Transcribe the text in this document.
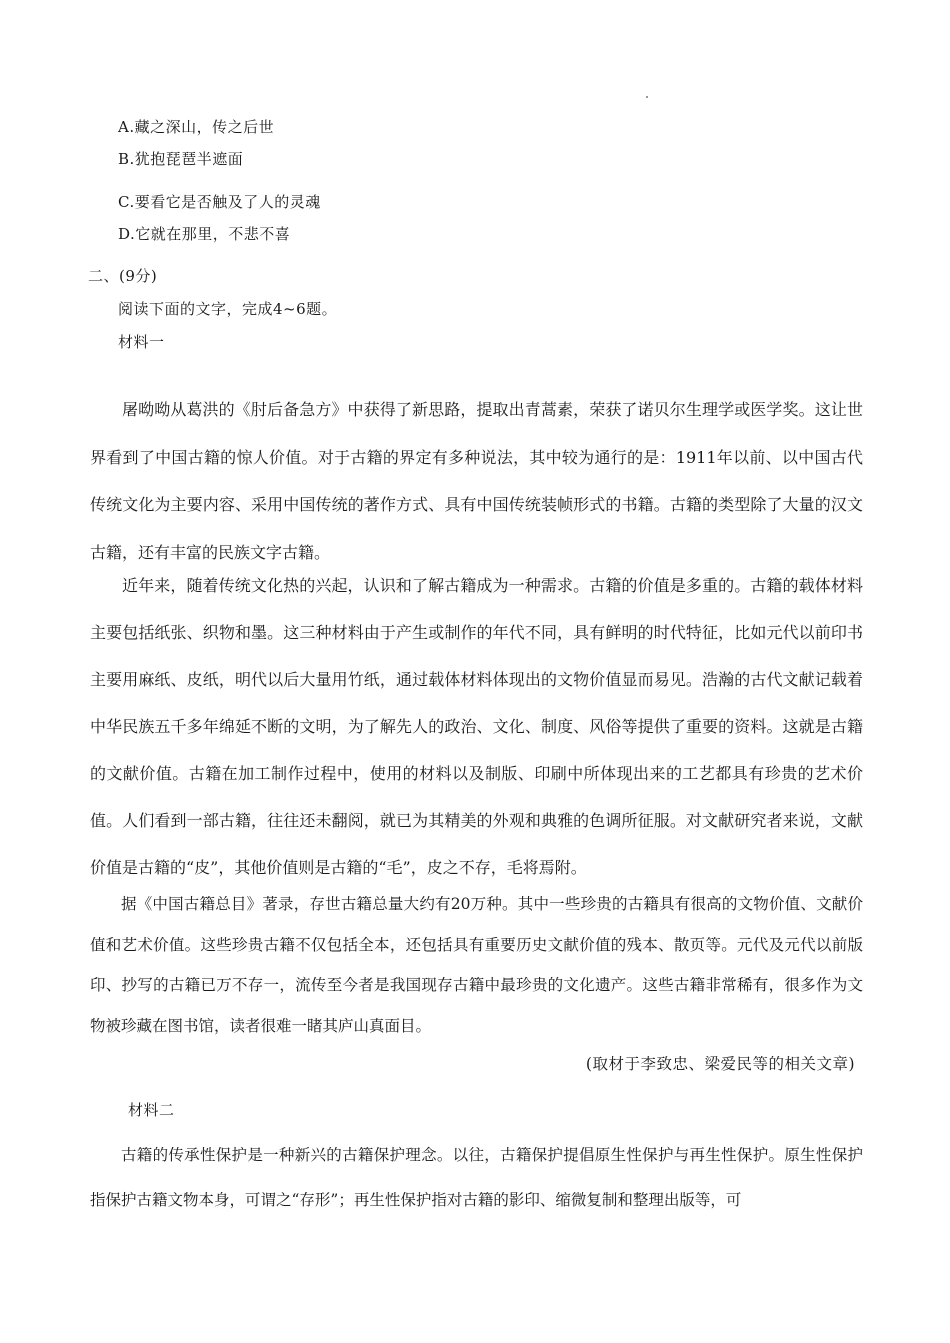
A.藏之深山，传之后世
B.犹抱琵琶半遮面
C.要看它是否触及了人的灵魂
D.它就在那里，不悲不喜
二、(9分)
阅读下面的文字，完成4~6题。
材料一

屠呦呦从葛洪的《肘后备急方》中获得了新思路，提取出青蒿素，荣获了诺贝尔生理学或医学奖。这让世界看到了中国古籍的惊人价值。对于古籍的界定有多种说法，其中较为通行的是：1911年以前、以中国古代传统文化为主要内容、采用中国传统的著作方式、具有中国传统装帧形式的书籍。古籍的类型除了大量的汉文古籍，还有丰富的民族文字古籍。

近年来，随着传统文化热的兴起，认识和了解古籍成为一种需求。古籍的价值是多重的。古籍的载体材料主要包括纸张、织物和墨。这三种材料由于产生或制作的年代不同，具有鲜明的时代特征，比如元代以前印书主要用麻纸、皮纸，明代以后大量用竹纸，通过载体材料体现出的文物价值显而易见。浩瀚的古代文献记载着中华民族五千多年绵延不断的文明，为了解先人的政治、文化、制度、风俗等提供了重要的资料。这就是古籍的文献价值。古籍在加工制作过程中，使用的材料以及制版、印刷中所体现出来的工艺都具有珍贵的艺术价值。人们看到一部古籍，往往还未翻阅，就已为其精美的外观和典雅的色调所征服。对文献研究者来说，文献价值是古籍的“皮”，其他价值则是古籍的“毛”，皮之不存，毛将焉附。

据《中国古籍总目》著录，存世古籍总量大约有20万种。其中一些珍贵的古籍具有很高的文物价值、文献价值和艺术价值。这些珍贵古籍不仅包括全本，还包括具有重要历史文献价值的残本、散页等。元代及元代以前版印、抄写的古籍已万不存一，流传至今者是我国现存古籍中最珍贵的文化遗产。这些古籍非常稀有，很多作为文物被珍藏在图书馆，读者很难一睹其庐山真面目。

(取材于李致忠、梁爱民等的相关文章)
材料二

古籍的传承性保护是一种新兴的古籍保护理念。以往，古籍保护提倡原生性保护与再生性保护。原生性保护指保护古籍文物本身，可谓之“存形”；再生性保护指对古籍的影印、缩微复制和整理出版等，可
